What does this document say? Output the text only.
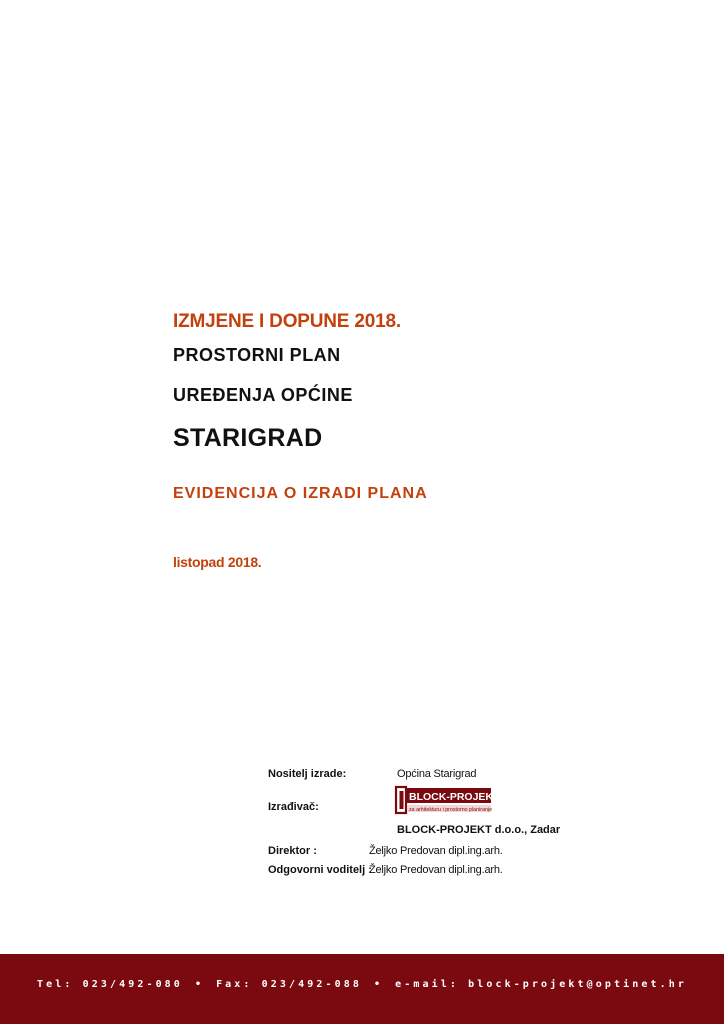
IZMJENE I DOPUNE 2018.
PROSTORNI PLAN
UREĐENJA OPĆINE
STARIGRAD
EVIDENCIJA O IZRADI PLANA
listopad 2018.
Nositelj izrade:	Općina Starigrad
Izrađivač:
BLOCK-PROJEKT d.o.o.
za arhitekturu i prostorno planiranje
BLOCK-PROJEKT d.o.o., Zadar
Direktor :	Željko Predovan dipl.ing.arh.
Odgovorni voditelj :
Željko Predovan dipl.ing.arh.
Tel: 023/492-080 • Fax: 023/492-088 • e-mail: block-projekt@optinet.hr
